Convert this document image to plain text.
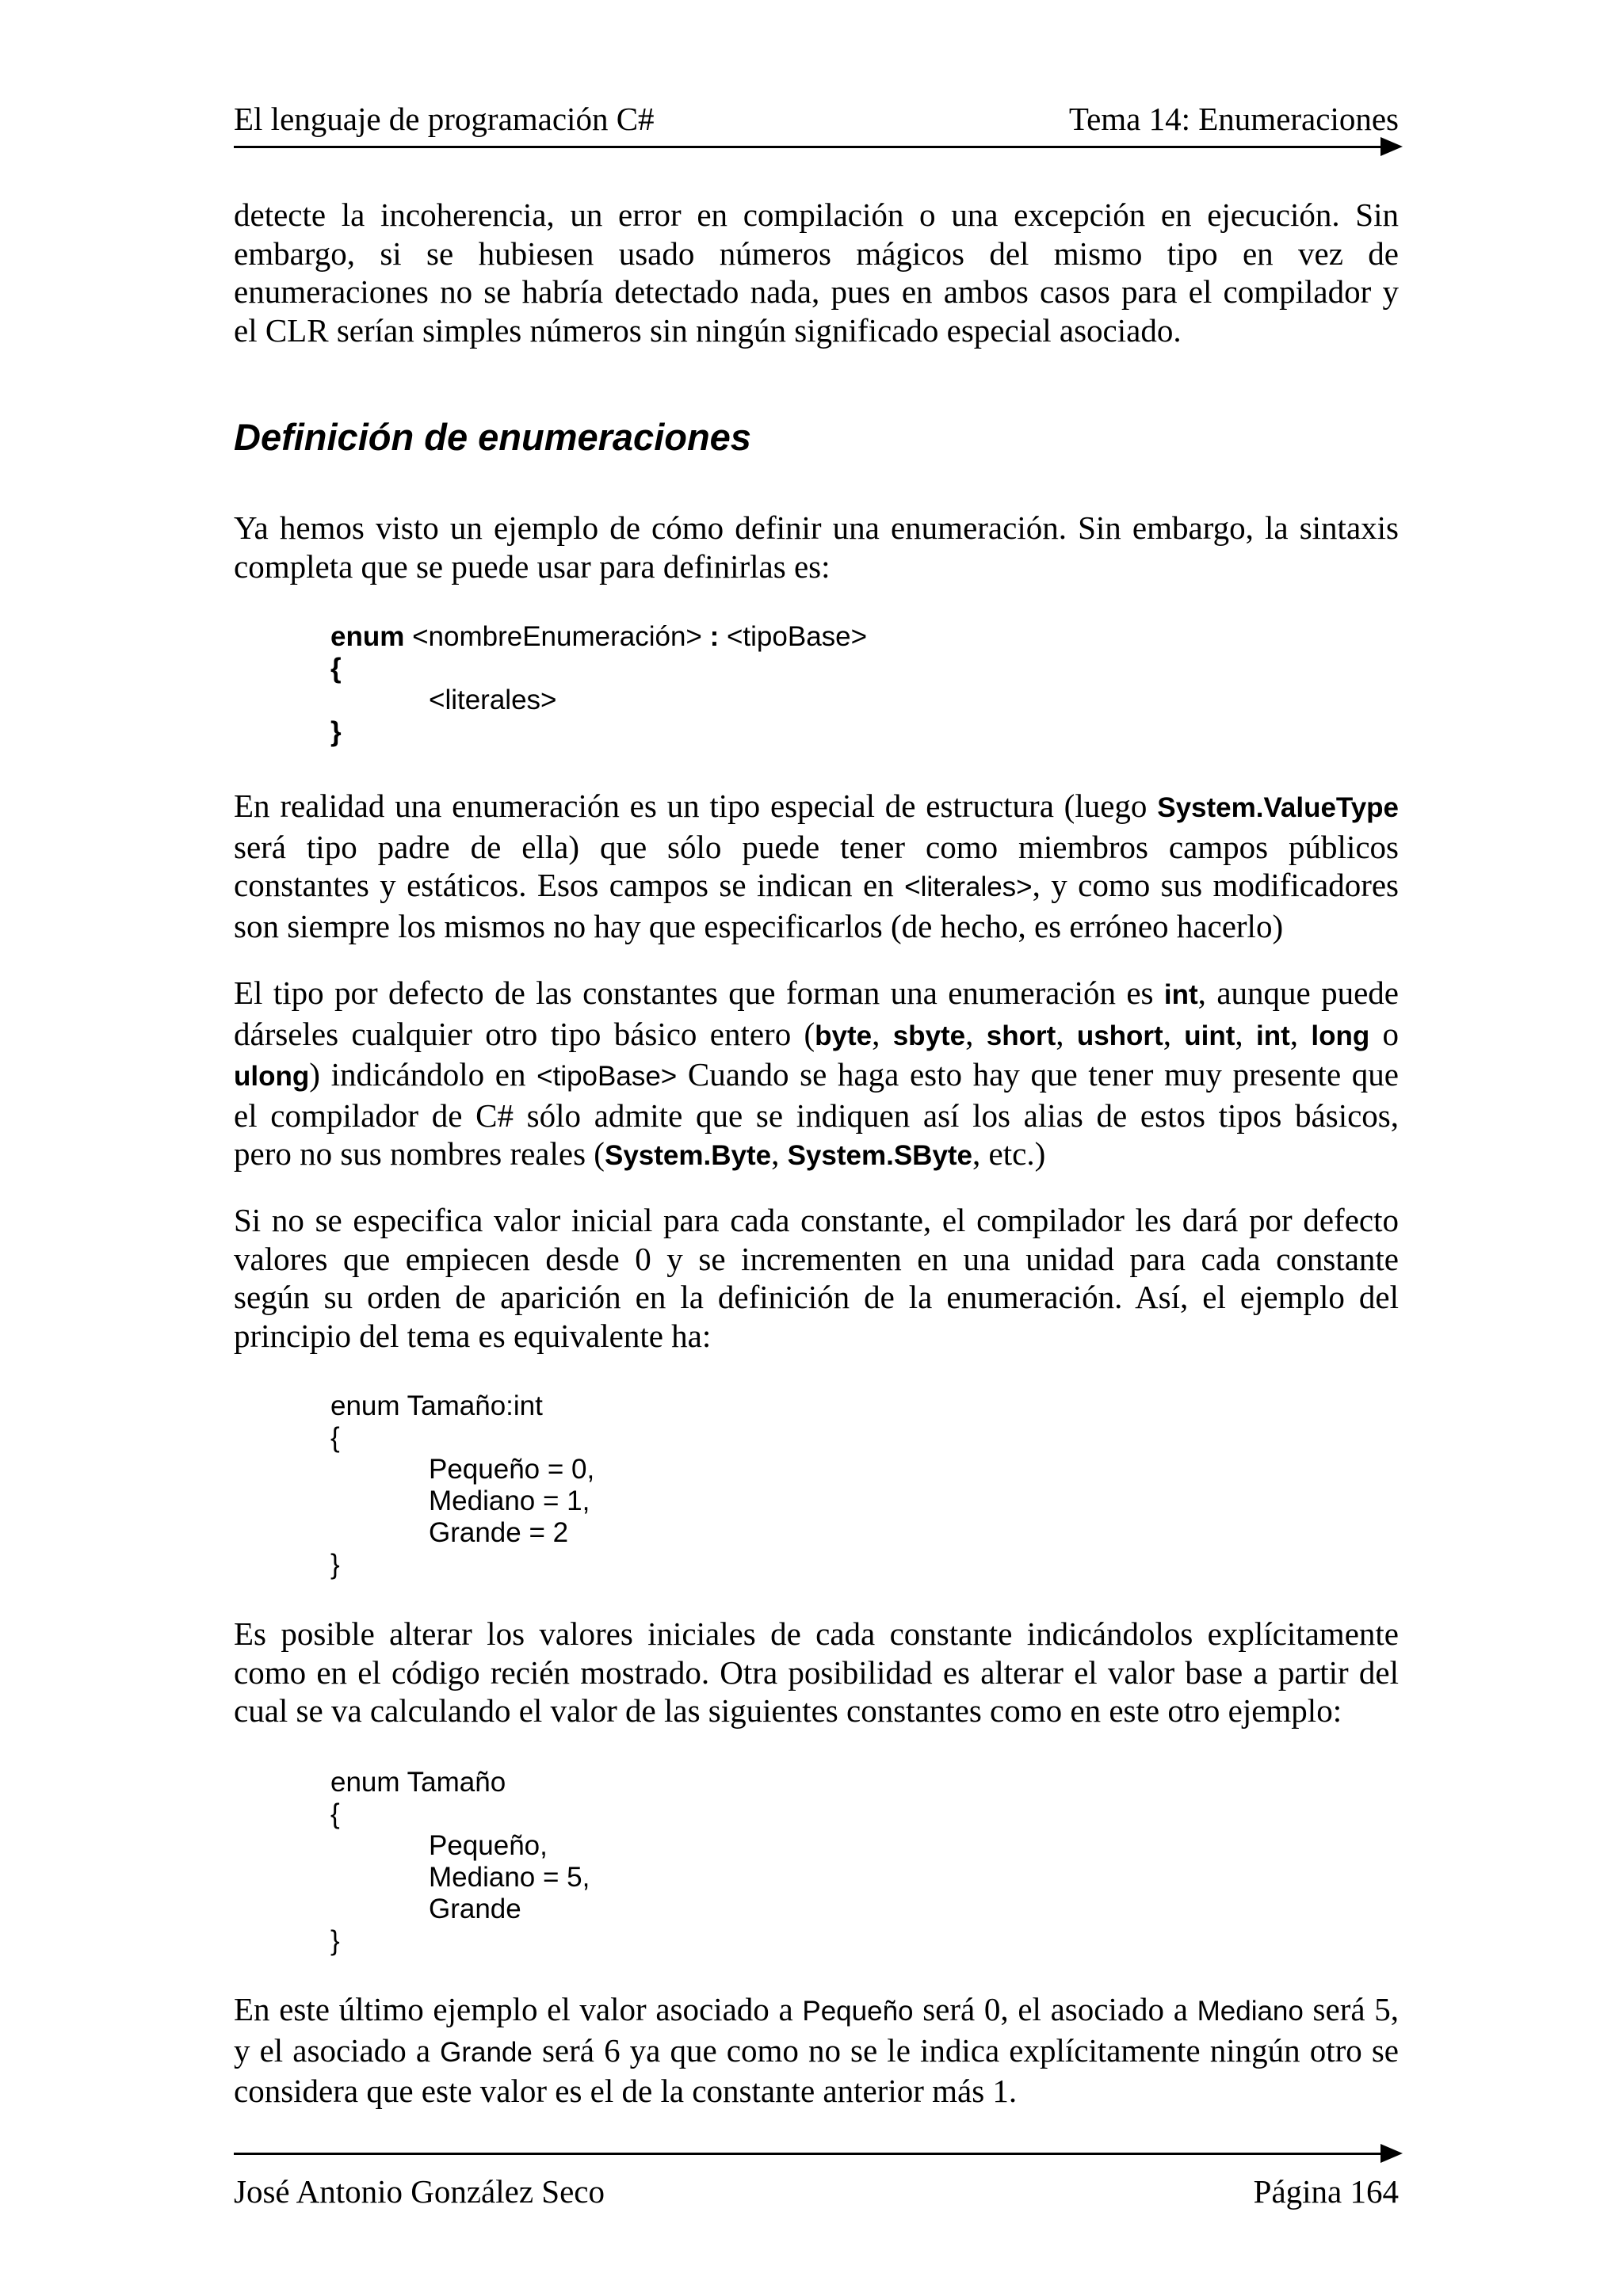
El lenguaje de programación C#	Tema 14: Enumeraciones
detecte la incoherencia, un error en compilación o una excepción en ejecución. Sin
embargo, si se hubiesen usado números mágicos del mismo tipo en vez de
enumeraciones no se habría detectado nada, pues en ambos casos para el compilador y
el CLR serían simples números sin ningún significado especial asociado.
Definición de enumeraciones
Ya hemos visto un ejemplo de cómo definir una enumeración. Sin embargo, la sintaxis
completa que se puede usar para definirlas es:
enum <nombreEnumeración> : <tipoBase>
{
<literales>
}
En realidad una enumeración es un tipo especial de estructura (luego System.ValueType
será tipo padre de ella) que sólo puede tener como miembros campos públicos
constantes y estáticos. Esos campos se indican en <literales>, y como sus modificadores
son siempre los mismos no hay que especificarlos (de hecho, es erróneo hacerlo)
El tipo por defecto de las constantes que forman una enumeración es int, aunque puede
dárseles cualquier otro tipo básico entero (byte, sbyte, short, ushort, uint, int, long o
ulong) indicándolo en <tipoBase> Cuando se haga esto hay que tener muy presente que
el compilador de C# sólo admite que se indiquen así los alias de estos tipos básicos,
pero no sus nombres reales (System.Byte, System.SByte, etc.)
Si no se especifica valor inicial para cada constante, el compilador les dará por defecto
valores que empiecen desde 0 y se incrementen en una unidad para cada constante
según su orden de aparición en la definición de la enumeración. Así, el ejemplo del
principio del tema es equivalente ha:
enum Tamaño:int
{
Pequeño = 0,
Mediano = 1,
Grande = 2
}
Es posible alterar los valores iniciales de cada constante indicándolos explícitamente
como en el código recién mostrado. Otra posibilidad es alterar el valor base a partir del
cual se va calculando el valor de las siguientes constantes como en este otro ejemplo:
enum Tamaño
{
Pequeño,
Mediano = 5,
Grande
}
En este último ejemplo el valor asociado a Pequeño será 0, el asociado a Mediano será 5,
y el asociado a Grande será 6 ya que como no se le indica explícitamente ningún otro se
considera que este valor es el de la constante anterior más 1.
José Antonio González Seco	Página 164
